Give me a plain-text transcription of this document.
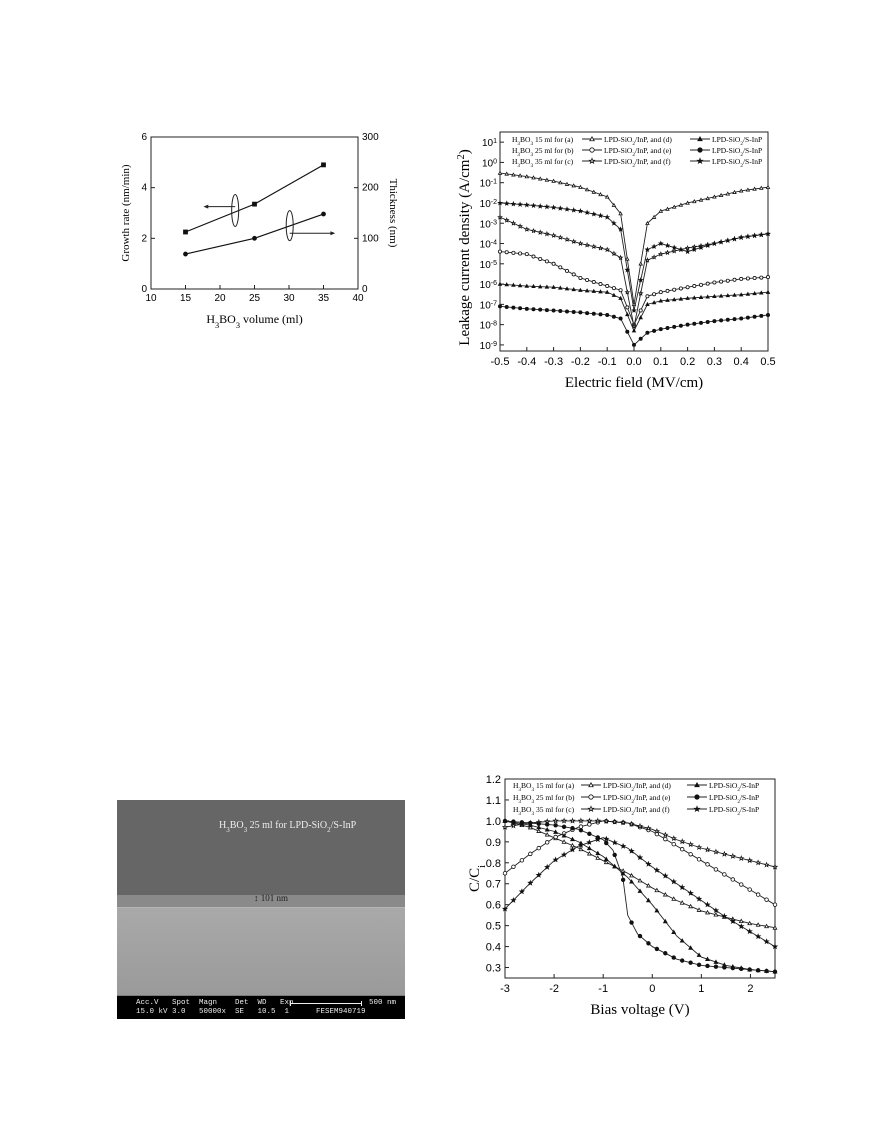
10 15 20 25 30 35 40
0
2
4
6
0
100
200
300
$H_3BO_3$ volume (ml)
Growth rate (nm/min)	Thickness (nm)
-0.5 -0.4 -0.3 -0.2 -0.1 0.0 0.1 0.2 0.3 0.4 0.5
$10^{-9}$
$10^{-8}$
$10^{-7}$
$10^{-6}$
$10^{-5}$
$10^{-4}$
$10^{-3}$
$10^{-2}$
$10^{-1}$
$10^0$
$10^1$
Electric field (MV/cm)
Leakage current density $(A/cm^2)$
$H_3BO_3$ 15 ml for (a)	LPD-SiO$_2$/InP, and (d)	LPD-SiO$_2$/S-InP
$H_3BO_3$ 25 ml for (b)	LPD-SiO$_2$/InP, and (e)	LPD-SiO$_2$/S-InP
$H_3BO_3$ 35 ml for (c)	LPD-SiO$_2$/InP, and (f)	LPD-SiO$_2$/S-InP
$H_3BO_3$ 25 ml for LPD-SiO$_2$/S-InP
↕ 101 nm
Acc.V   Spot  Magn    Det  WD   Exp
15.0 kV 3.0   50000x  SE   10.5  1      FESEM940719
500 nm
-3	-2	-1	0	1	2
0.3
0.4
0.5
0.6
0.7
0.8
0.9
1.0
1.1
1.2
Bias voltage (V)
$C/C_i$
$H_3BO_3$ 15 ml for (a)	LPD-SiO$_2$/InP, and (d)	LPD-SiO$_2$/S-InP
$H_3BO_3$ 25 ml for (b)	LPD-SiO$_2$/InP, and (e)	LPD-SiO$_2$/S-InP
$H_3BO_3$ 35 ml for (c)	LPD-SiO$_2$/InP, and (f)	LPD-SiO$_2$/S-InP
